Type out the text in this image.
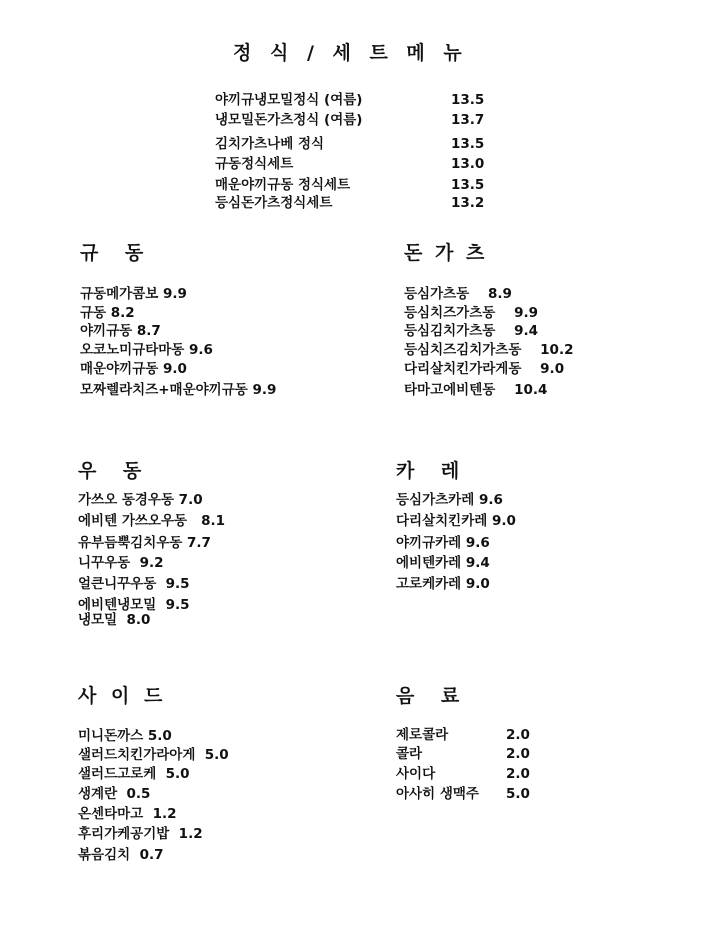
정 식 / 세 트 메 뉴
야끼규냉모밀정식 (여름)	13.5
냉모밀돈가츠정식 (여름)	13.7
김치가츠나베 정식	13.5
규동정식세트	13.0
매운야끼규동 정식세트	13.5
등심돈가츠정식세트	13.2
규    동
규동메가콤보 9.9
규동 8.2
야끼규동 8.7
오코노미규타마동 9.6
매운야끼규동 9.0
모짜렐라치즈+매운야끼규동 9.9
돈 가 츠
등심가츠동    8.9
등심치즈가츠동    9.9
등심김치가츠동    9.4
등심치즈김치가츠동    10.2
다리살치킨가라게동    9.0
타마고에비텐동    10.4
우    동
가쓰오 동경우동 7.0
에비텐 가쓰오우동   8.1
유부듬뿍김치우동 7.7
니꾸우동  9.2
얼큰니꾸우동  9.5
에비텐냉모밀  9.5
냉모밀  8.0
카    레
등심가츠카레 9.6
다리살치킨카레 9.0
야끼규카레 9.6
에비텐카레 9.4
고로케카레 9.0
사 이 드
미니돈까스 5.0
샐러드치킨가라아게  5.0
샐러드고로케  5.0
생계란  0.5
온센타마고  1.2
후리가케공기밥  1.2
볶음김치  0.7
음    료
제로콜라	2.0
콜라	2.0
사이다	2.0
아사히 생맥주 5.0
